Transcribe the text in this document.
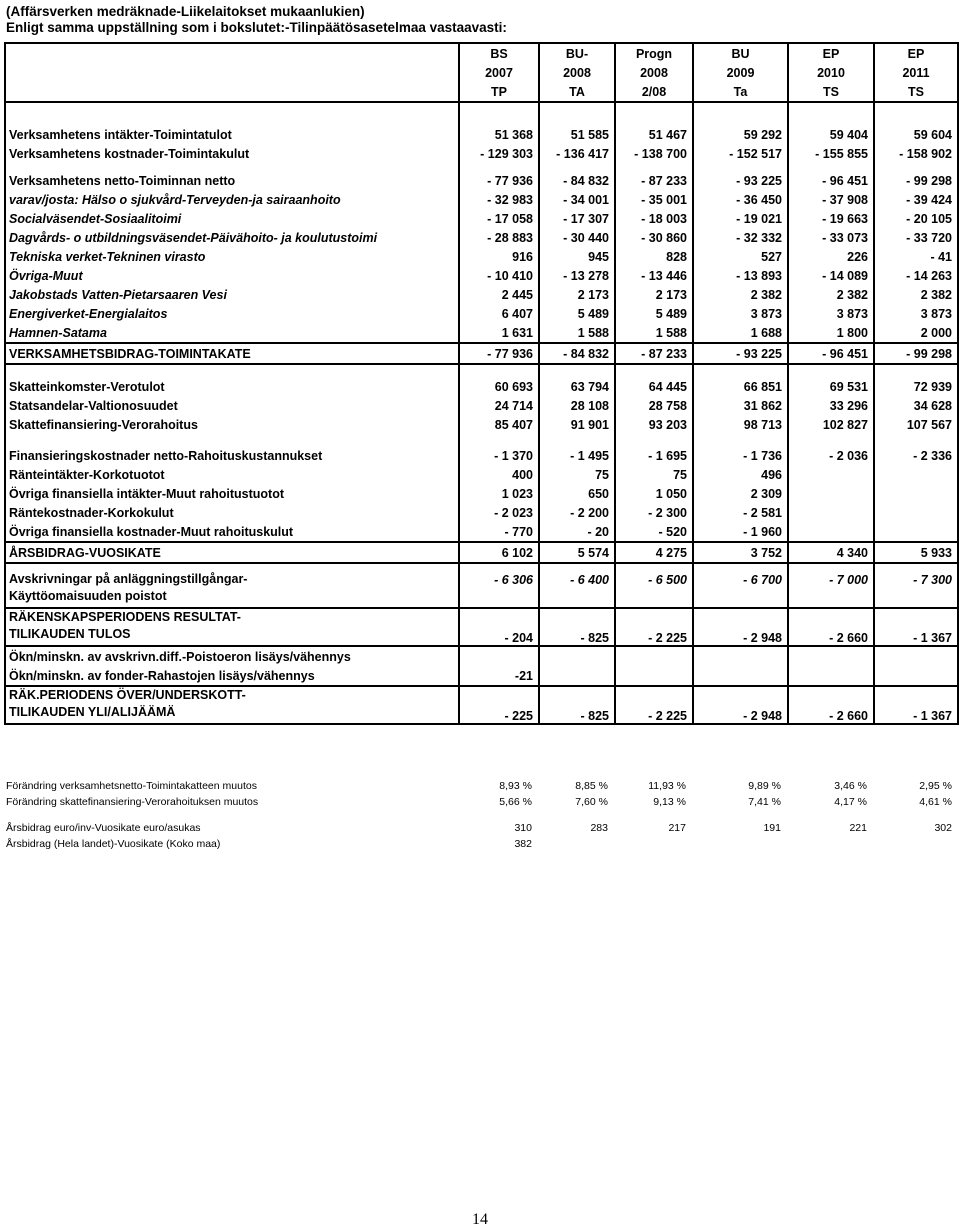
(Affärsverken medräknade-Liikelaitokset mukaanlukien)
Enligt samma uppställning som i bokslutet:-Tilinpäätösasetelmaa vastaavasti:
	BS	BU-	Progn	BU	EP	EP
	2007	2008	2008	2009	2010	2011
	TP	TA	2/08	Ta	TS	TS

Verksamhetens intäkter-Toimintatulot	51 368	51 585	51 467	59 292	59 404	59 604
Verksamhetens kostnader-Toimintakulut	- 129 303	- 136 417	- 138 700	- 152 517	- 155 855	- 158 902

Verksamhetens netto-Toiminnan netto	- 77 936	- 84 832	- 87 233	- 93 225	- 96 451	- 99 298
varav/josta: Hälso o sjukvård-Terveyden-ja sairaanhoito	- 32 983	- 34 001	- 35 001	- 36 450	- 37 908	- 39 424
Socialväsendet-Sosiaalitoimi	- 17 058	- 17 307	- 18 003	- 19 021	- 19 663	- 20 105
Dagvårds- o utbildningsväsendet-Päivähoito- ja koulutustoimi	- 28 883	- 30 440	- 30 860	- 32 332	- 33 073	- 33 720
Tekniska verket-Tekninen virasto	916	945	828	527	226	- 41
Övriga-Muut	- 10 410	- 13 278	- 13 446	- 13 893	- 14 089	- 14 263
Jakobstads Vatten-Pietarsaaren Vesi	2 445	2 173	2 173	2 382	2 382	2 382
Energiverket-Energialaitos	6 407	5 489	5 489	3 873	3 873	3 873
Hamnen-Satama	1 631	1 588	1 588	1 688	1 800	2 000
VERKSAMHETSBIDRAG-TOIMINTAKATE	- 77 936	- 84 832	- 87 233	- 93 225	- 96 451	- 99 298

Skatteinkomster-Verotulot	60 693	63 794	64 445	66 851	69 531	72 939
Statsandelar-Valtionosuudet	24 714	28 108	28 758	31 862	33 296	34 628
Skattefinansiering-Verorahoitus	85 407	91 901	93 203	98 713	102 827	107 567

Finansieringskostnader netto-Rahoituskustannukset	- 1 370	- 1 495	- 1 695	- 1 736	- 2 036	- 2 336
Ränteintäkter-Korkotuotot	400	75	75	496		
Övriga finansiella intäkter-Muut rahoitustuotot	1 023	650	1 050	2 309		
Räntekostnader-Korkokulut	- 2 023	- 2 200	- 2 300	- 2 581		
Övriga finansiella kostnader-Muut rahoituskulut	- 770	- 20	- 520	- 1 960		
ÅRSBIDRAG-VUOSIKATE	6 102	5 574	4 275	3 752	4 340	5 933

Avskrivningar på anläggningstillgångar-
Käyttöomaisuuden poistot	- 6 306	- 6 400	- 6 500	- 6 700	- 7 000	- 7 300

RÄKENSKAPSPERIODENS RESULTAT-
TILIKAUDEN TULOS	- 204	- 825	- 2 225	- 2 948	- 2 660	- 1 367
Ökn/minskn. av avskrivn.diff.-Poistoeron lisäys/vähennys						
Ökn/minskn. av fonder-Rahastojen lisäys/vähennys	-21					

RÄK.PERIODENS ÖVER/UNDERSKOTT-
TILIKAUDEN YLI/ALIJÄÄMÄ	- 225	- 825	- 2 225	- 2 948	- 2 660	- 1 367
Förändring verksamhetsnetto-Toimintakatteen muutos	8,93 %	8,85 %	11,93 %	9,89 %	3,46 %	2,95 %
Förändring skattefinansiering-Verorahoituksen muutos	5,66 %	7,60 %	9,13 %	7,41 %	4,17 %	4,61 %

Årsbidrag euro/inv-Vuosikate euro/asukas	310	283	217	191	221	302
Årsbidrag (Hela landet)-Vuosikate (Koko maa)	382					
14
